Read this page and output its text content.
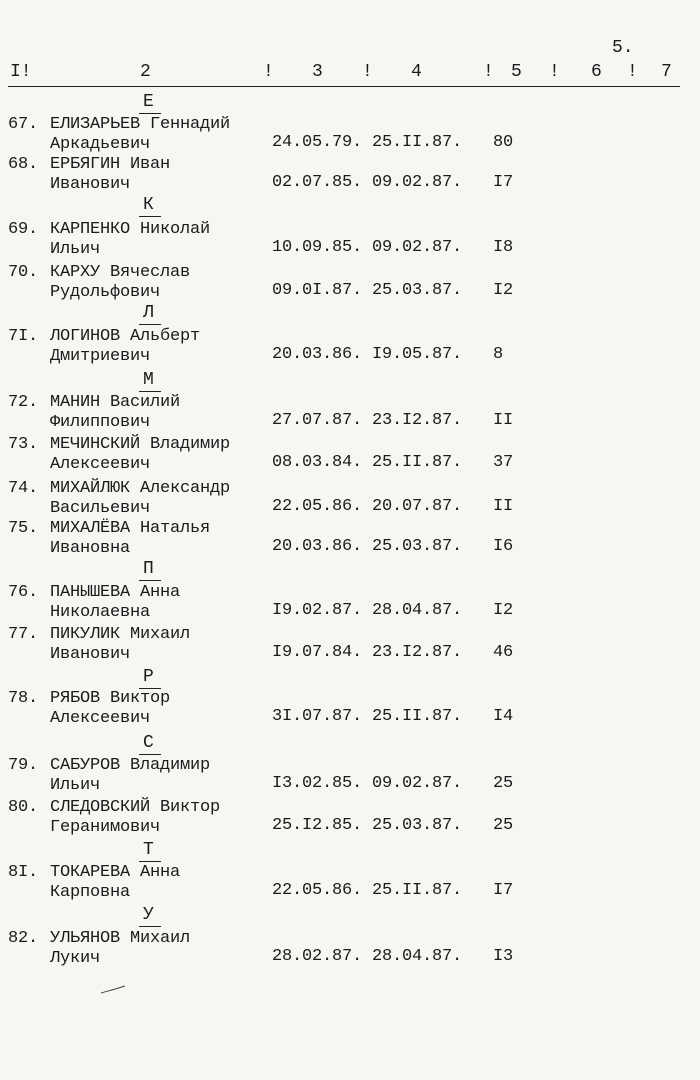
5.
I!	2	! 3 ! 4	! 5 ! 6 ! 7
Е
67. ЕЛИЗАРЬЕВ Геннадий
Аркадьевич	24.05.79. 25.II.87. 80
68. ЕРБЯГИН Иван
Иванович	02.07.85. 09.02.87. I7
К
69. КАРПЕНКО Николай
Ильич	10.09.85. 09.02.87. I8
70. КАРХУ Вячеслав
Рудольфович	09.0I.87. 25.03.87. I2
Л
7I. ЛОГИНОВ Альберт
Дмитриевич	20.03.86. I9.05.87. 8
М
72. МАНИН Василий
Филиппович	27.07.87. 23.I2.87. II
73. МЕЧИНСКИЙ Владимир
Алексеевич	08.03.84. 25.II.87. 37
74. МИХАЙЛЮК Александр
Васильевич	22.05.86. 20.07.87. II
75. МИХАЛЁВА Наталья
Ивановна	20.03.86. 25.03.87. I6
П
76. ПАНЫШЕВА Анна
Николаевна	I9.02.87. 28.04.87. I2
77. ПИКУЛИК Михаил
Иванович	I9.07.84. 23.I2.87. 46
Р
78. РЯБОВ Виктор
Алексеевич	3I.07.87. 25.II.87. I4
С
79. САБУРОВ Владимир
Ильич	I3.02.85. 09.02.87. 25
80. СЛЕДОВСКИЙ Виктор
Геранимович	25.I2.85. 25.03.87. 25
Т
8I. ТОКАРЕВА Анна
Карповна	22.05.86. 25.II.87. I7
У
82. УЛЬЯНОВ Михаил
Лукич	28.02.87. 28.04.87. I3
